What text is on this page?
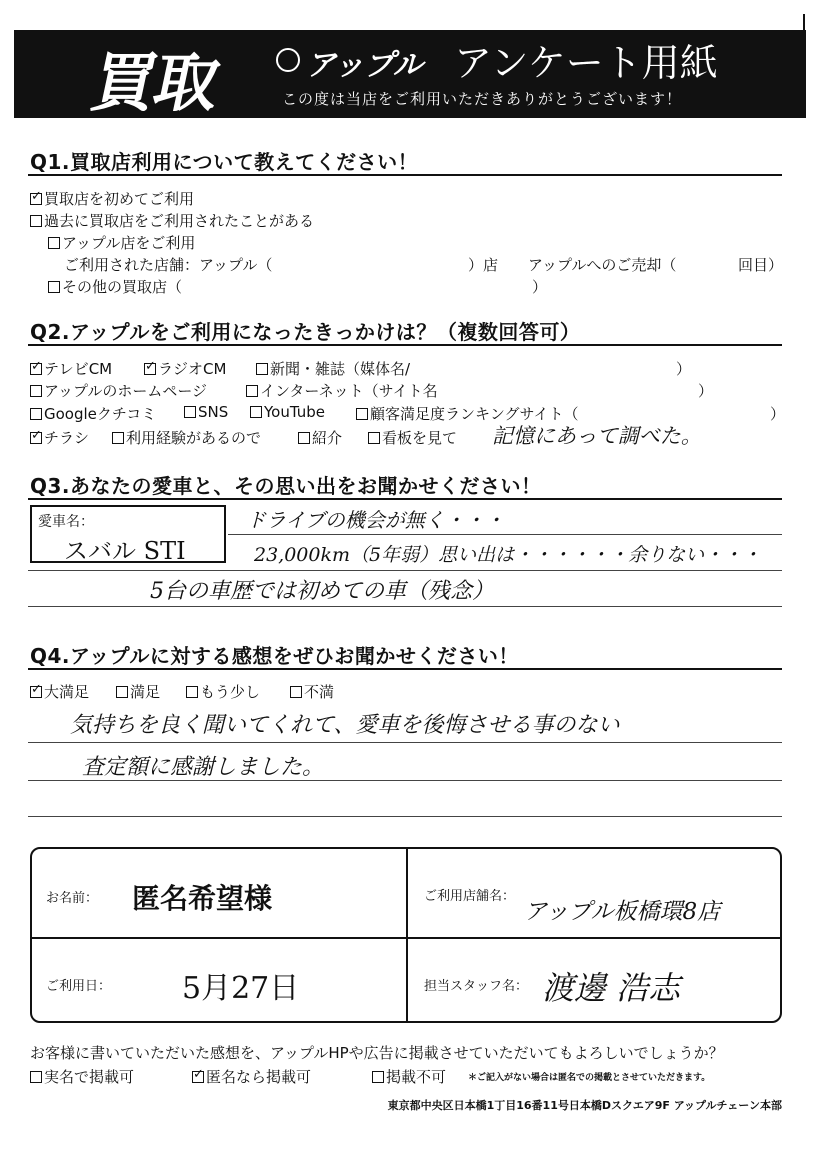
買取	アップル アンケート用紙
この度は当店をご利用いただきありがとうございます！
Q1.買取店利用について教えてください！
✓買取店を初めてご利用
過去に買取店をご利用されたことがある
アップル店をご利用
ご利用された店舗：アップル（	）店 アップルへのご売却（	回目）
その他の買取店（	）
Q2.アップルをご利用になったきっかけは？（複数回答可）
✓テレビCM ✓	ラジオCM	新聞・雑誌（媒体名/	）
アップルのホームページ	インターネット（サイト名	）
Googleクチコミ	SNS	YouTube	顧客満足度ランキングサイト（	）
✓チラシ	利用経験があるので	紹介	看板を見て 記憶にあって調べた。
Q3.あなたの愛車と、その思い出をお聞かせください！
愛車名：
スバル STI
ドライブの機会が無く・・・
23,000km（5年弱）思い出は・・・・・・余りない・・・
5台の車歴では初めての車（残念）
Q4.アップルに対する感想をぜひお聞かせください！
✓大満足	満足	もう少し	不満
気持ちを良く聞いてくれて、愛車を後悔させる事のない
査定額に感謝しました。
お名前： 匿名希望様	ご利用店舗名：
アップル板橋環8店
ご利用日： 5月27日	担当スタッフ名： 渡邊 浩志
お客様に書いていただいた感想を、アップルHPや広告に掲載させていただいてもよろしいでしょうか？
実名で掲載可 ✓	匿名なら掲載可	掲載不可 ＊ご記入がない場合は匿名での掲載とさせていただきます。
東京都中央区日本橋1丁目16番11号日本橋Dスクエア9F アップルチェーン本部
